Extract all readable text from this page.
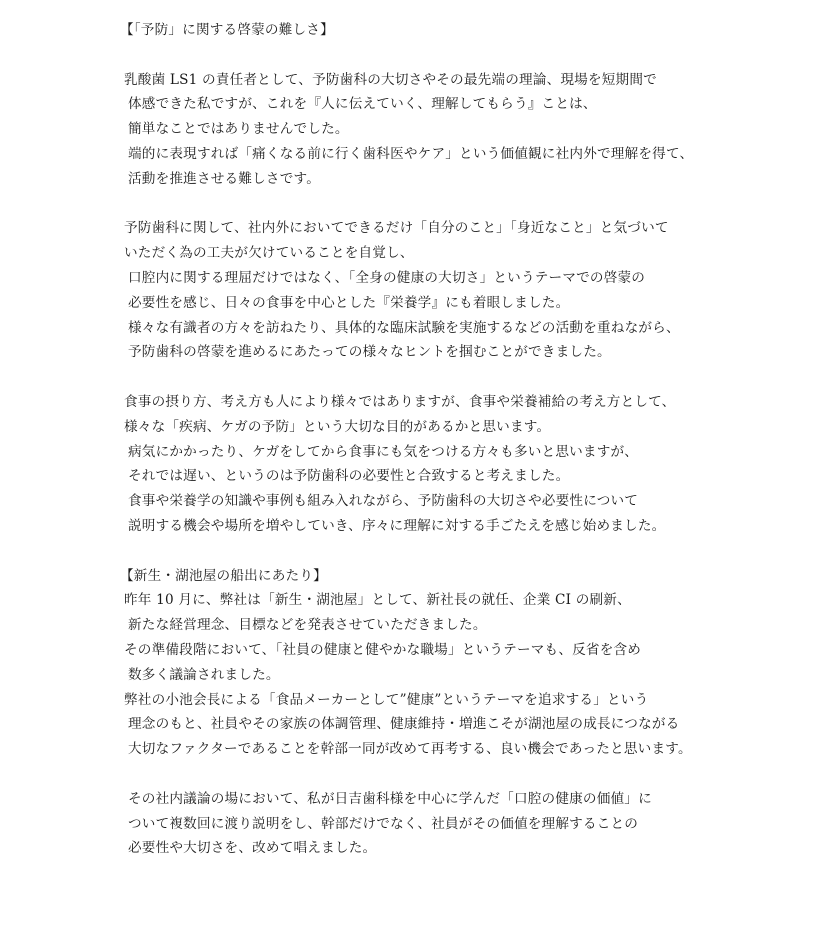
【「予防」に関する啓蒙の難しさ】
乳酸菌 LS1 の責任者として、予防歯科の大切さやその最先端の理論、現場を短期間で
体感できた私ですが、これを『人に伝えていく、理解してもらう』ことは、
簡単なことではありませんでした。
端的に表現すれば「痛くなる前に行く歯科医やケア」という価値観に社内外で理解を得て、
活動を推進させる難しさです。
予防歯科に関して、社内外においてできるだけ「自分のこと」「身近なこと」と気づいて
いただく為の工夫が欠けていることを自覚し、
口腔内に関する理屈だけではなく、「全身の健康の大切さ」というテーマでの啓蒙の
必要性を感じ、日々の食事を中心とした『栄養学』にも着眼しました。
様々な有識者の方々を訪ねたり、具体的な臨床試験を実施するなどの活動を重ねながら、
予防歯科の啓蒙を進めるにあたっての様々なヒントを掴むことができました。
食事の摂り方、考え方も人により様々ではありますが、食事や栄養補給の考え方として、
様々な「疾病、ケガの予防」という大切な目的があるかと思います。
病気にかかったり、ケガをしてから食事にも気をつける方々も多いと思いますが、
それでは遅い、というのは予防歯科の必要性と合致すると考えました。
食事や栄養学の知識や事例も組み入れながら、予防歯科の大切さや必要性について
説明する機会や場所を増やしていき、序々に理解に対する手ごたえを感じ始めました。
【新生・湖池屋の船出にあたり】
昨年 10 月に、弊社は「新生・湖池屋」として、新社長の就任、企業 CI の刷新、
新たな経営理念、目標などを発表させていただきました。
その準備段階において、「社員の健康と健やかな職場」というテーマも、反省を含め
数多く議論されました。
弊社の小池会長による「食品メーカーとして”健康”というテーマを追求する」という
理念のもと、社員やその家族の体調管理、健康維持・増進こそが湖池屋の成長につながる
大切なファクターであることを幹部一同が改めて再考する、良い機会であったと思います。
その社内議論の場において、私が日吉歯科様を中心に学んだ「口腔の健康の価値」に
ついて複数回に渡り説明をし、幹部だけでなく、社員がその価値を理解することの
必要性や大切さを、改めて唱えました。
